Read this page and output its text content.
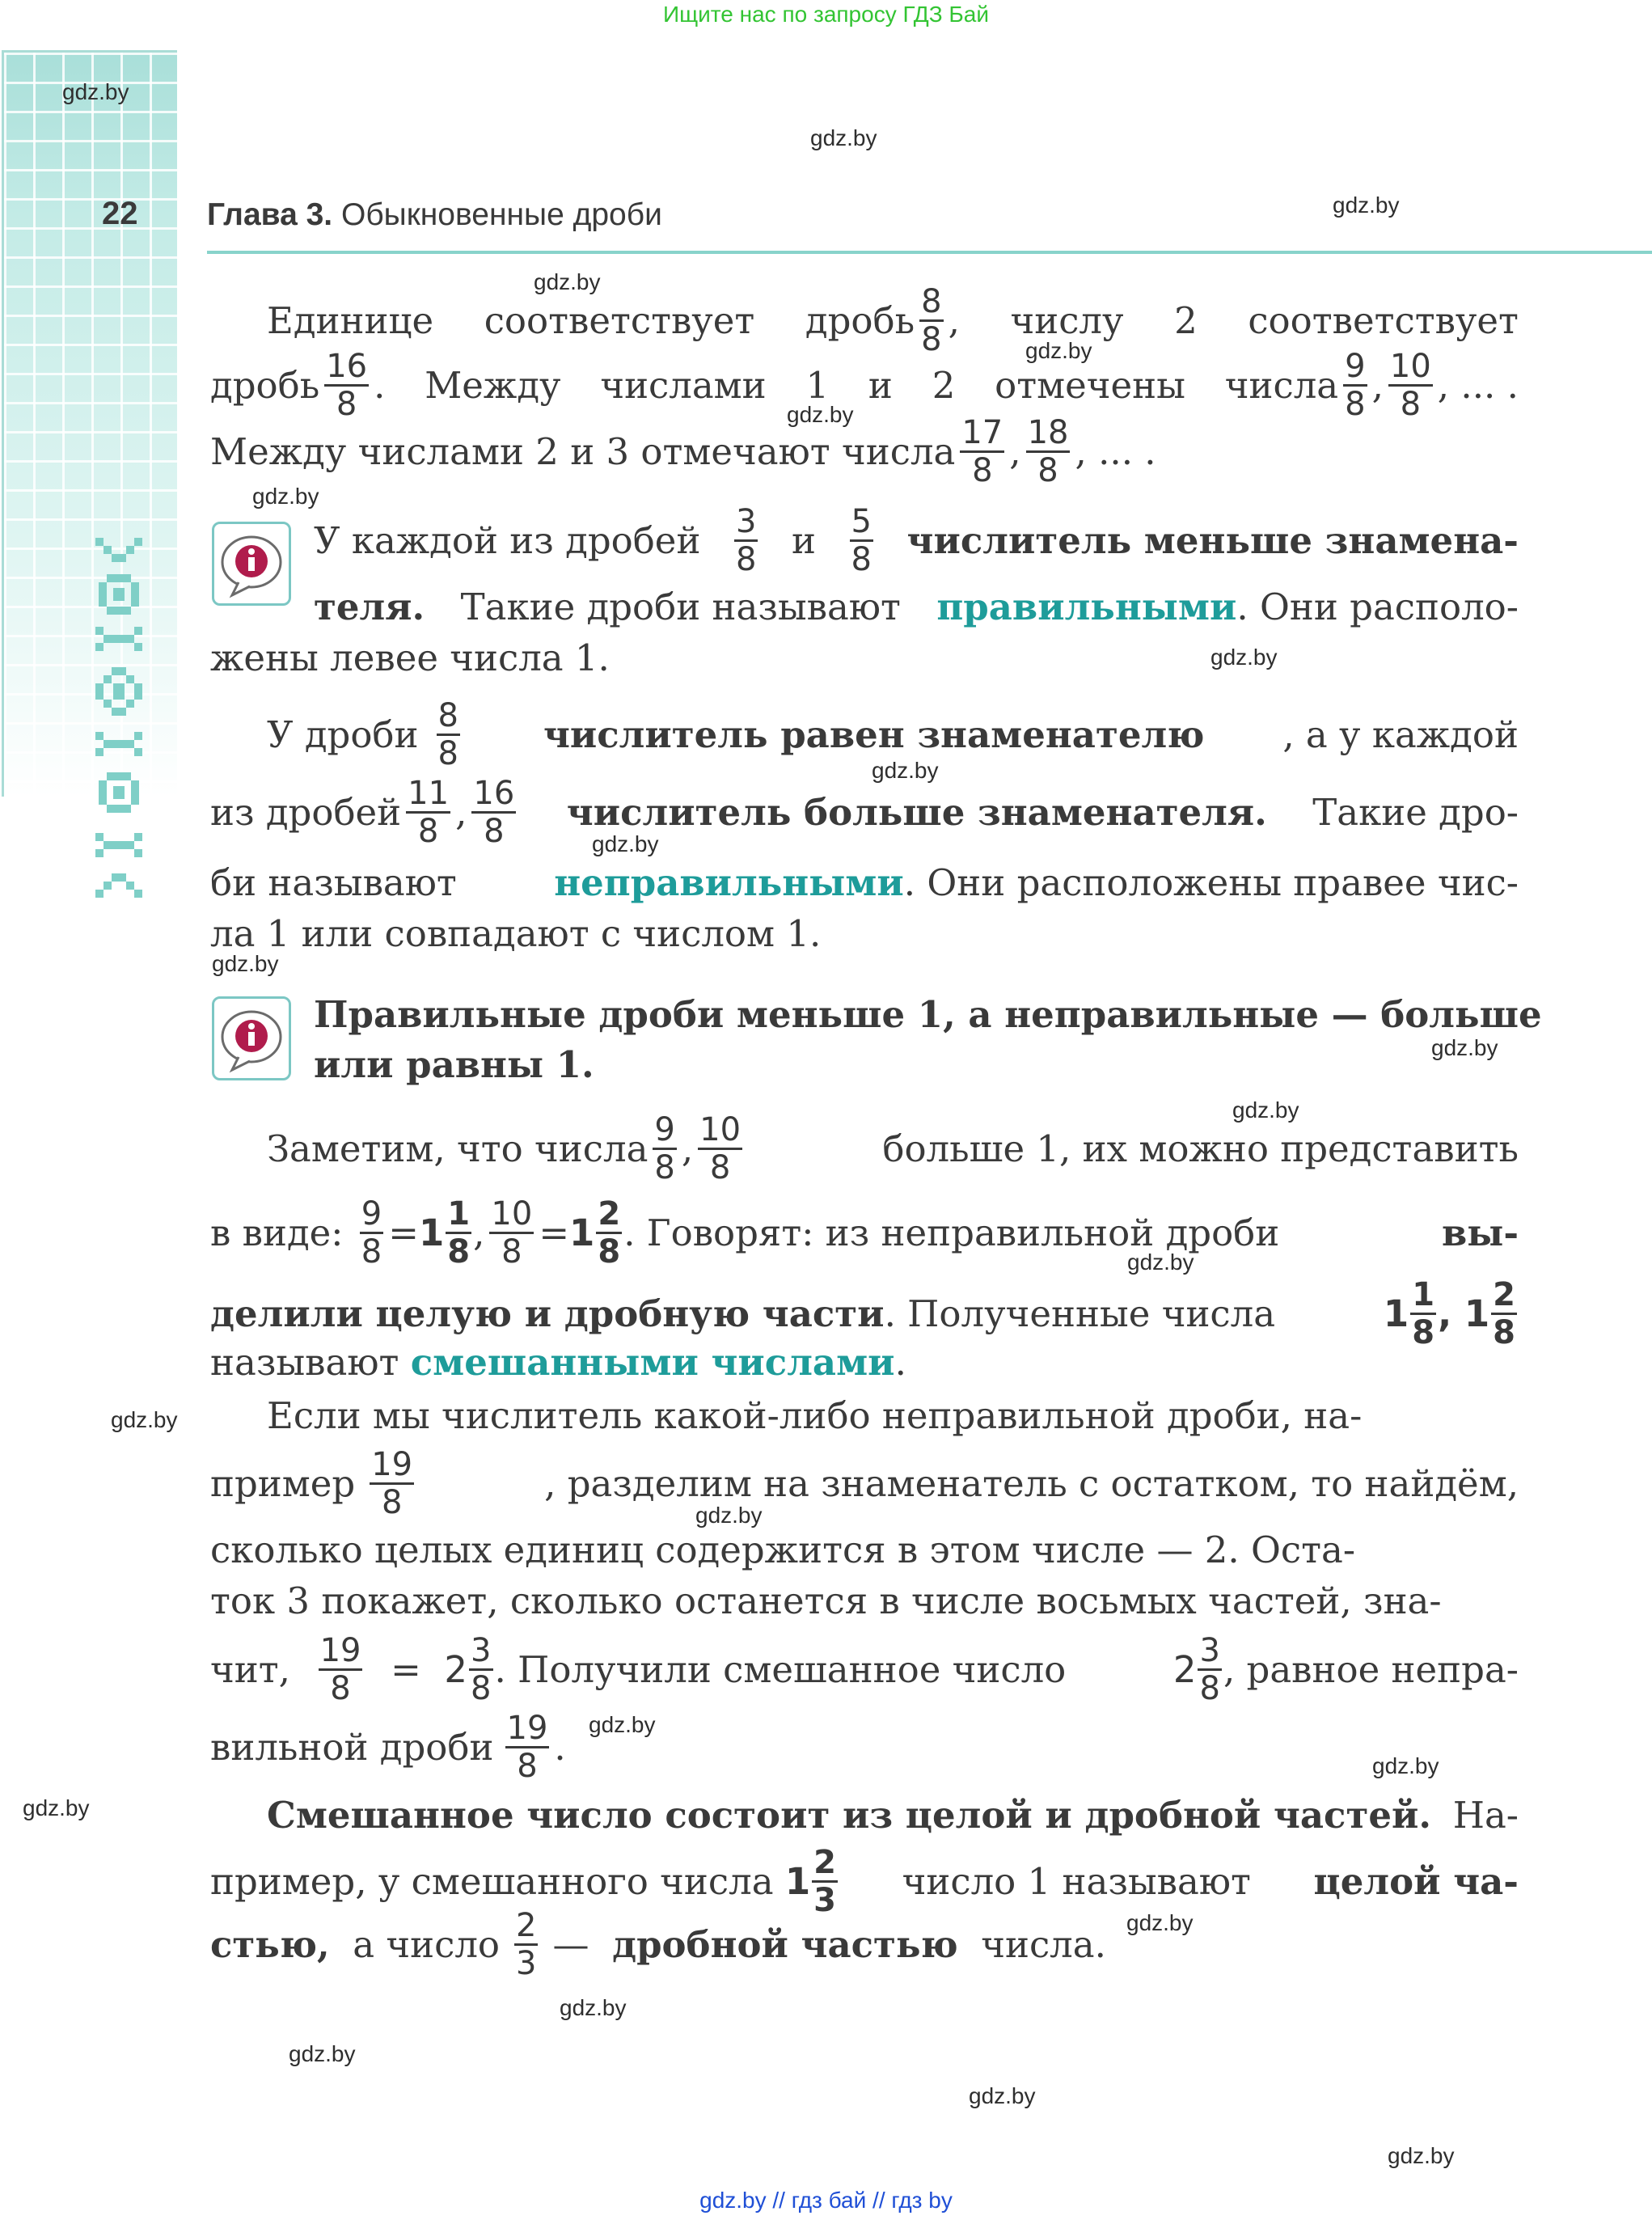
Ищите нас по запросу ГДЗ Бай
gdz.by // гдз бай // гдз by
22 Глава 3. Обыкновенные дроби
gdz.by
gdz.by
gdz.by
gdz.by
gdz.by
gdz.by
gdz.by
gdz.by
gdz.by
gdz.by
gdz.by
gdz.by
gdz.by
gdz.by
gdz.by
gdz.by
gdz.by
gdz.by
gdz.by
gdz.by
gdz.by
gdz.by
gdz.by
gdz.by
Единице соответствует дробь $\frac{8}{8}$ , числу 2 соответствует
дробь $\frac{16}{8}$ . Между числами 1 и 2 отмечены числа $\frac{9}{8}$ , $\frac{10}{8}$ ,
... .
Между числами 2 и 3 отмечают числа $\frac{17}{8}$ , $\frac{18}{8}$ , ... .
У каждой из дробей $\frac{3}{8}$ и $\frac{5}{8}$ числитель меньше знамена-
теля. Такие дроби называют правильными . Они располо-
жены левее числа 1.
У дроби $\frac{8}{8}$ числитель равен знаменателю , а у каждой
из дробей $\frac{11}{8}$ , $\frac{16}{8}$ числитель больше знаменателя. Такие дро-
би называют	неправильными . Они расположены правее чис-
ла 1 или совпадают с числом 1.
Правильные дроби меньше 1, а неправильные — больше
или равны 1.
Заметим, что числа $\frac{9}{8}$ , $\frac{10}{8}$	больше 1, их можно представить
в виде:
$\frac{9}{8} = 1 \frac{1}{8}$ , $\frac{10}{8} = 1 \frac{2}{8}$ . Говорят: из неправильной дроби	вы-
делили целую и дробную части . Полученные числа	$1 \frac{1}{8}$ ,
$1 \frac{2}{8}$
называют
смешанными числами .
Если мы числитель какой-либо неправильной дроби, на-
пример $\frac{19}{8}$	, разделим на знаменатель с остатком, то найдём,
сколько целых единиц содержится в этом числе — 2. Оста-
ток 3 покажет, сколько останется в числе восьмых частей, зна-
чит,
$\frac{19}{8}$
=
$2 \frac{3}{8}$ . Получили смешанное число	$2 \frac{3}{8}$ , равное непра-
вильной дроби $\frac{19}{8}$ .
Смешанное число состоит из целой и дробной частей. На-
пример, у смешанного числа
$1 \frac{2}{3}$ число 1 называют целой ча-
стью,
а число $\frac{2}{3}$ —
дробной частью
числа.
